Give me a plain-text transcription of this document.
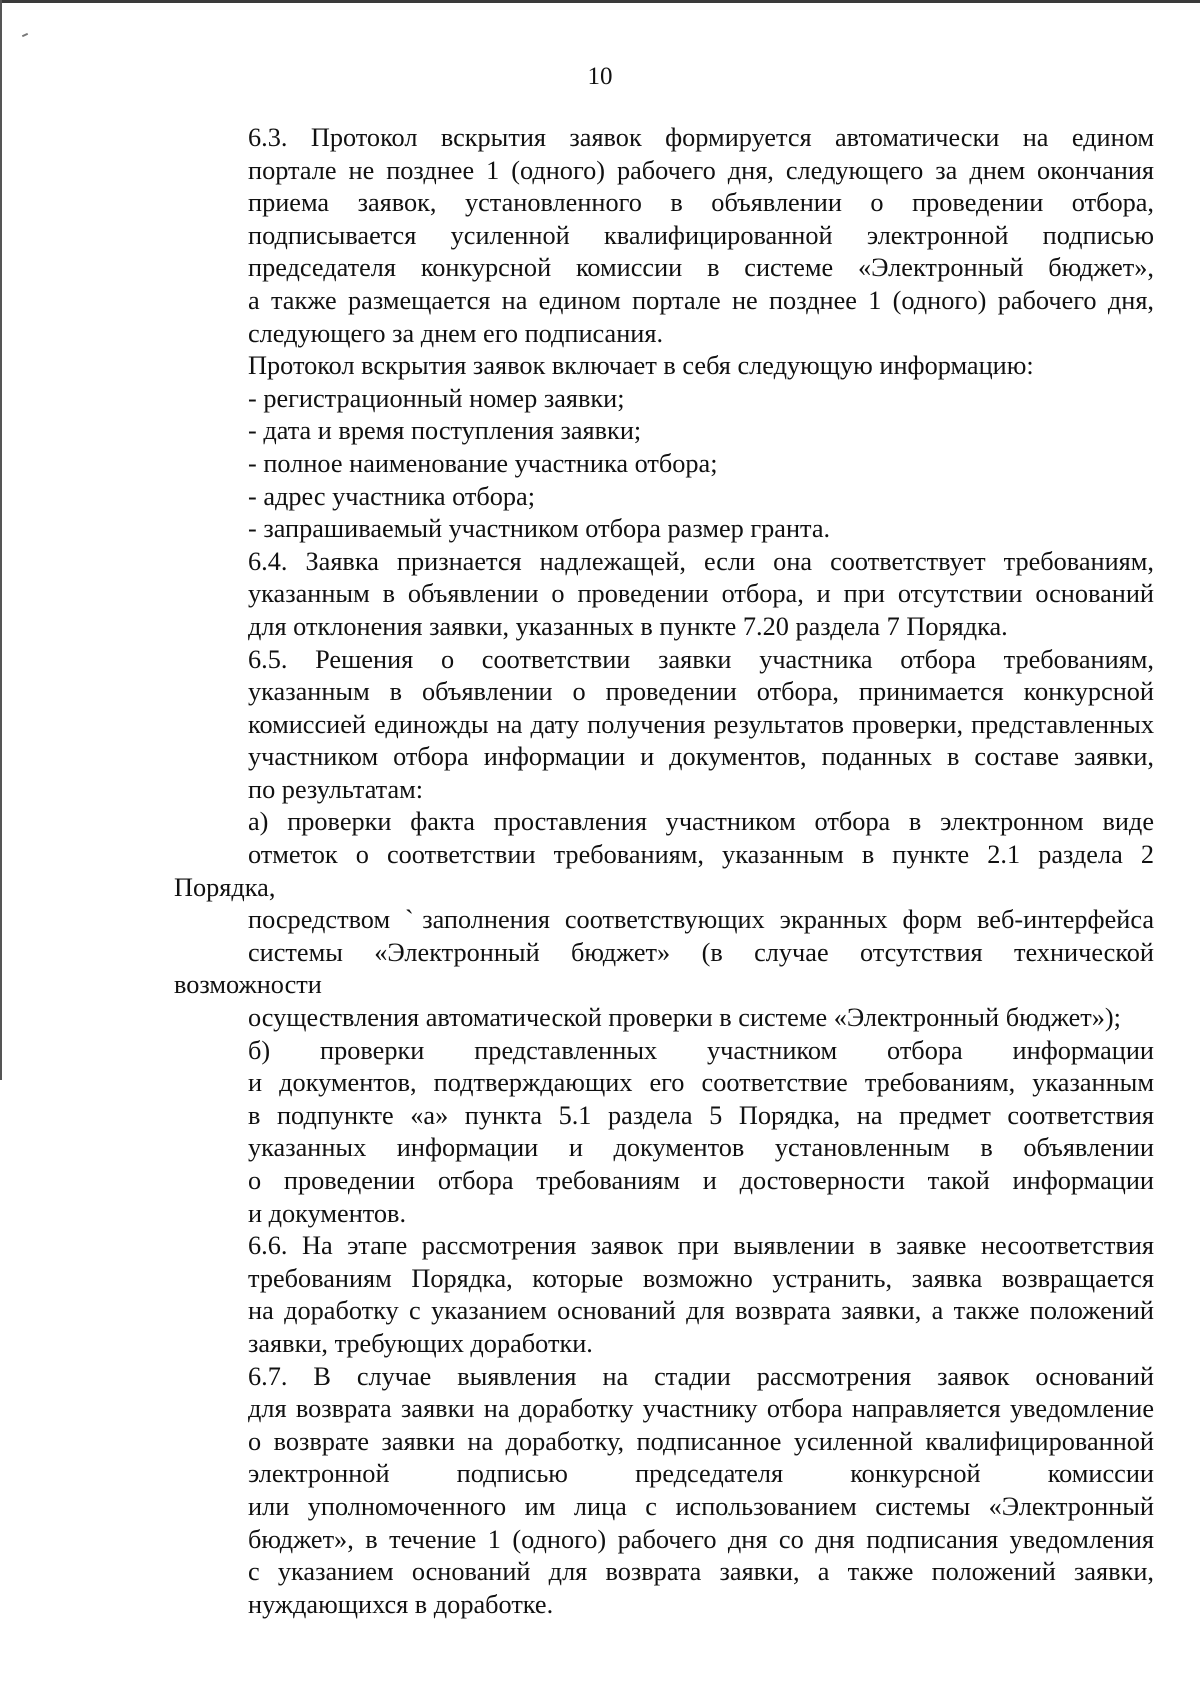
10

6.3. Протокол вскрытия заявок формируется автоматически на едином
портале не позднее 1 (одного) рабочего дня, следующего за днем окончания
приема заявок, установленного в объявлении о проведении отбора,
подписывается усиленной квалифицированной электронной подписью
председателя конкурсной комиссии в системе «Электронный бюджет»,
а также размещается на едином портале не позднее 1 (одного) рабочего дня,
следующего за днем его подписания.

Протокол вскрытия заявок включает в себя следующую информацию:

- регистрационный номер заявки;

- дата и время поступления заявки;

- полное наименование участника отбора;

- адрес участника отбора;

- запрашиваемый участником отбора размер гранта.

6.4. Заявка признается надлежащей, если она соответствует требованиям,
указанным в объявлении о проведении отбора, и при отсутствии оснований
для отклонения заявки, указанных в пункте 7.20 раздела 7 Порядка.

6.5. Решения о соответствии заявки участника отбора требованиям,
указанным в объявлении о проведении отбора, принимается конкурсной
комиссией единожды на дату получения результатов проверки, представленных
участником отбора информации и документов, поданных в составе заявки,
по результатам:

а) проверки факта проставления участником отбора в электронном виде
отметок о соответствии требованиям, указанным в пункте 2.1 раздела 2 Порядка,
посредством ˋзаполнения соответствующих экранных форм веб-интерфейса
системы «Электронный бюджет» (в случае отсутствия технической возможности
осуществления автоматической проверки в системе «Электронный бюджет»);

б) проверки представленных участником отбора информации
и документов, подтверждающих его соответствие требованиям, указанным
в подпункте «а» пункта 5.1 раздела 5 Порядка, на предмет соответствия
указанных информации и документов установленным в объявлении
о проведении отбора требованиям и достоверности такой информации
и документов.

6.6. На этапе рассмотрения заявок при выявлении в заявке несоответствия
требованиям Порядка, которые возможно устранить, заявка возвращается
на доработку с указанием оснований для возврата заявки, а также положений
заявки, требующих доработки.

6.7. В случае выявления на стадии рассмотрения заявок оснований
для возврата заявки на доработку участнику отбора направляется уведомление
о возврате заявки на доработку, подписанное усиленной квалифицированной
электронной подписью председателя конкурсной комиссии
или уполномоченного им лица с использованием системы «Электронный
бюджет», в течение 1 (одного) рабочего дня со дня подписания уведомления
с указанием оснований для возврата заявки, а также положений заявки,
нуждающихся в доработке.
